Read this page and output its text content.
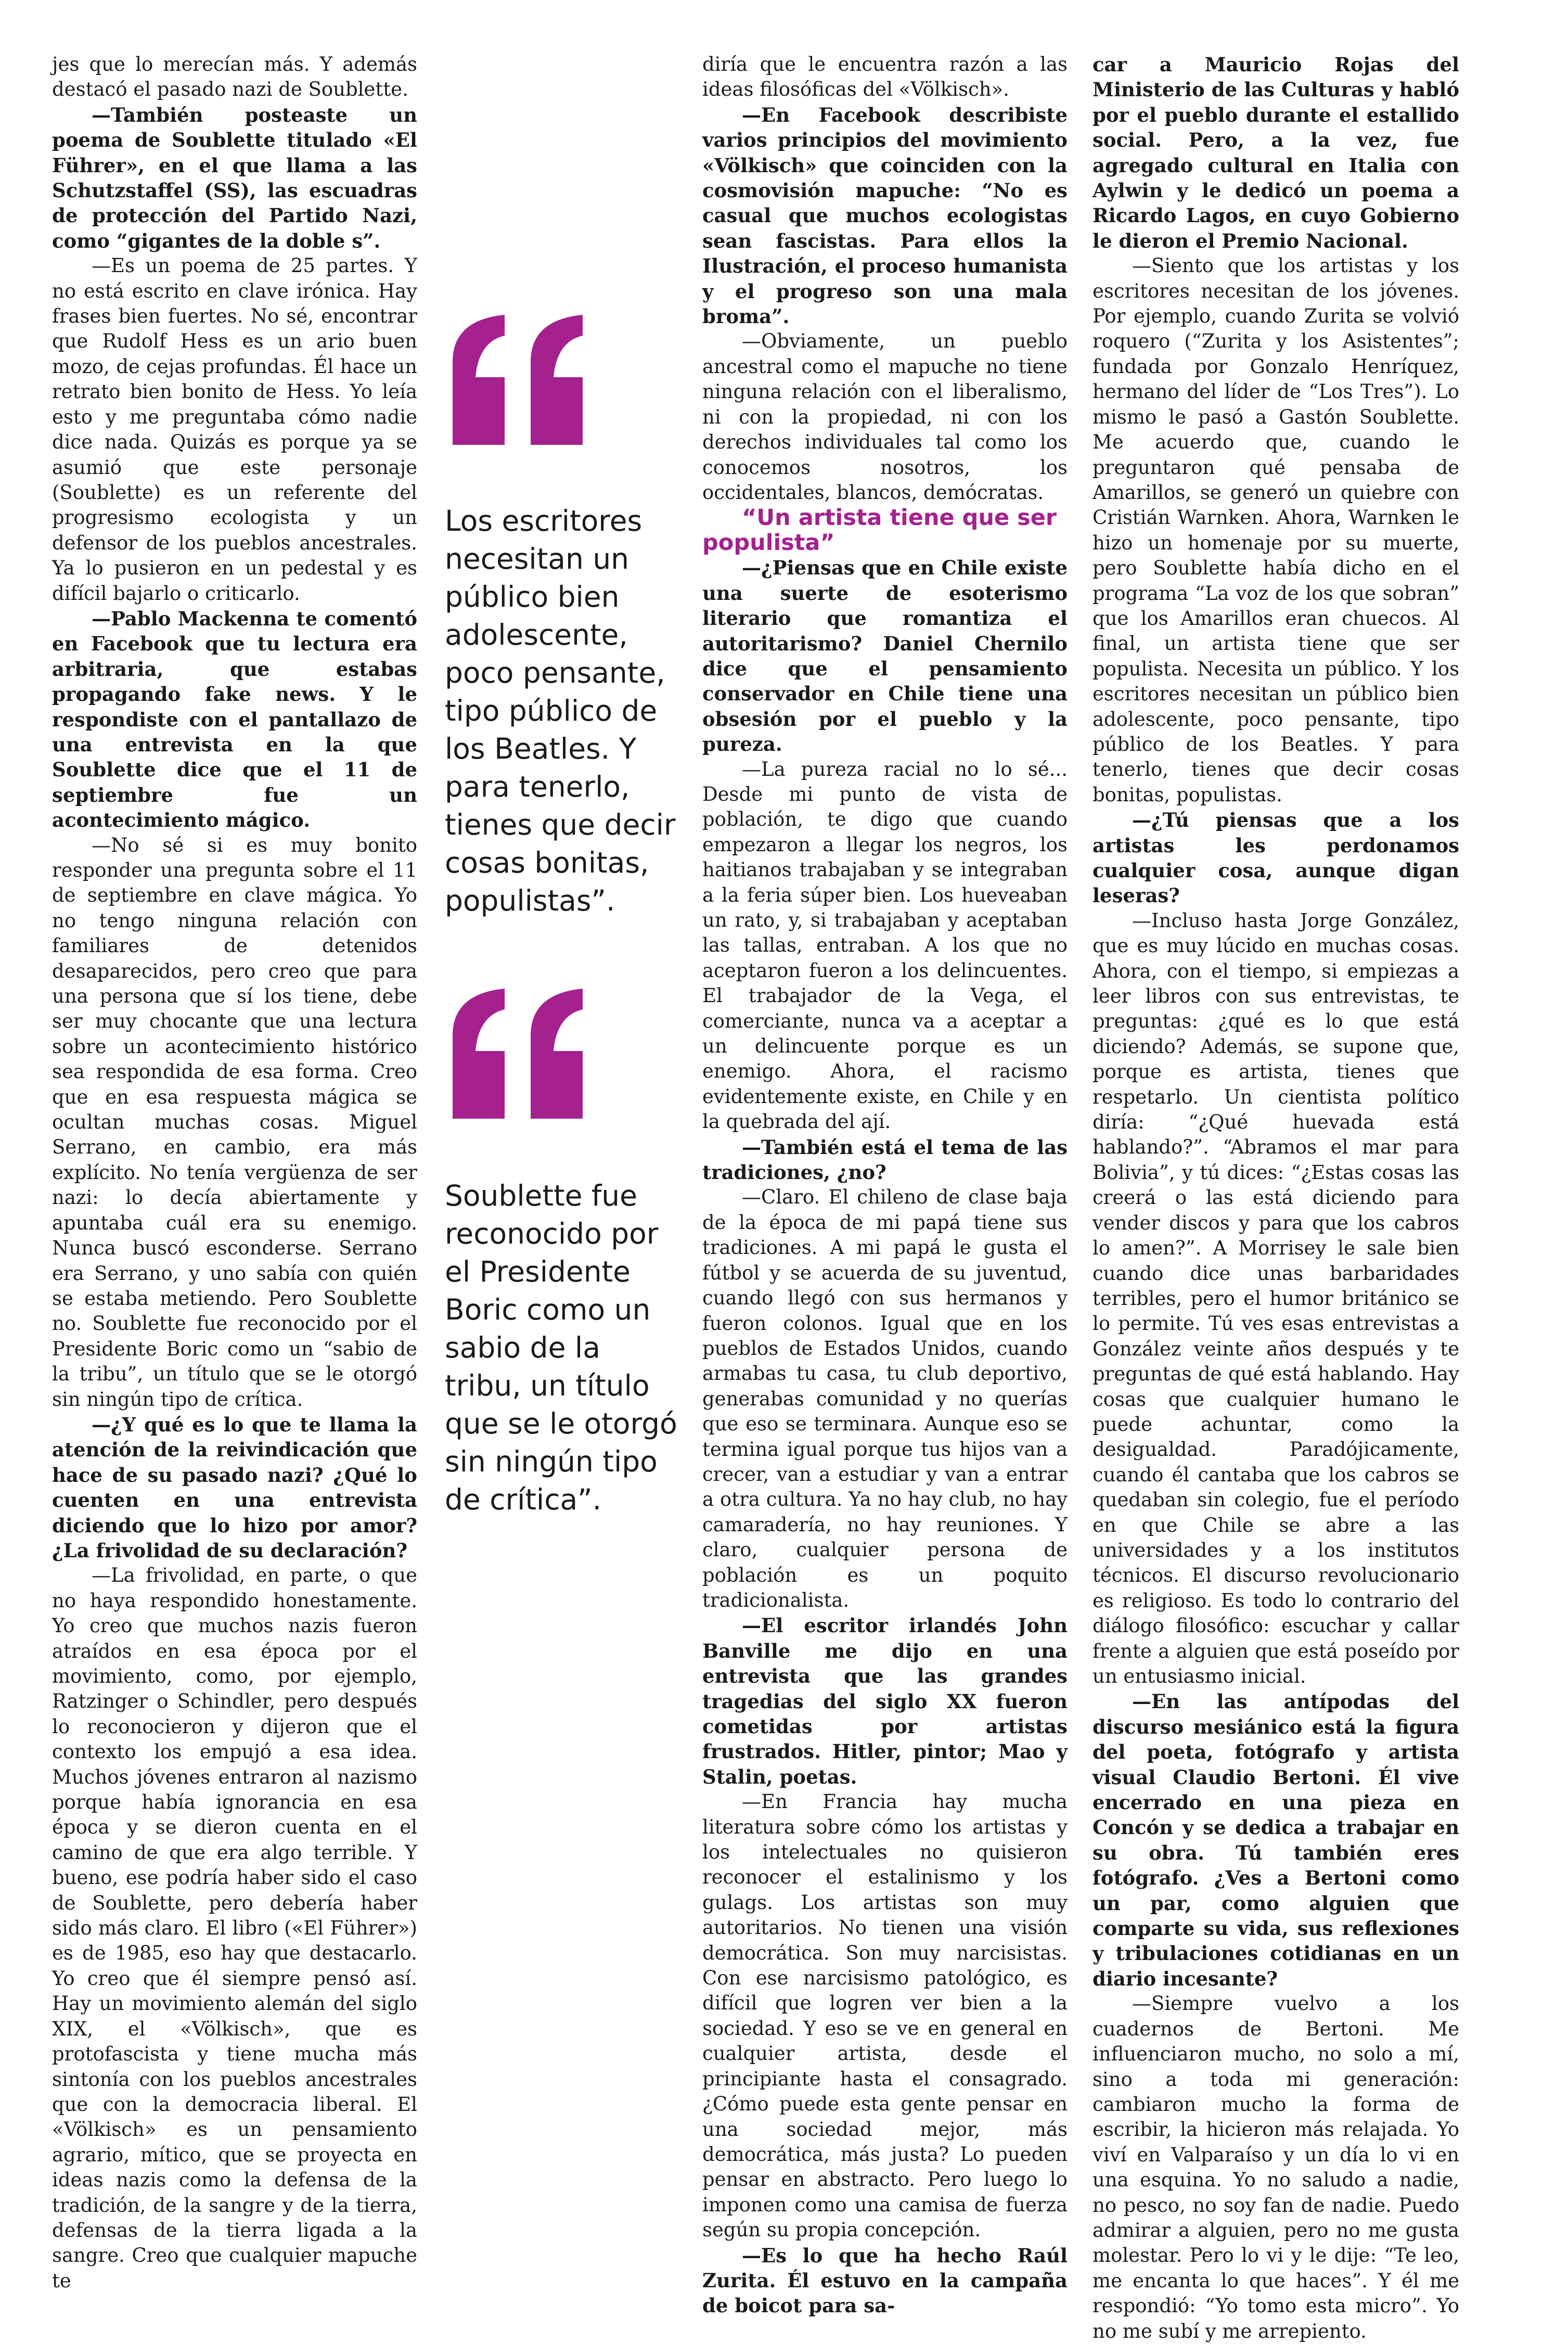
jes que lo merecían más. Y además destacó el pasado nazi de Soublette.

—También posteaste un poema de Soublette titulado «El Führer», en el que llama a las Schutzstaffel (SS), las escuadras de protección del Partido Nazi, como “gigantes de la doble s”.

—Es un poema de 25 partes. Y no está escrito en clave irónica. Hay frases bien fuertes. No sé, encontrar que Rudolf Hess es un ario buen mozo, de cejas profundas. Él hace un retrato bien bonito de Hess. Yo leía esto y me preguntaba cómo nadie dice nada. Quizás es porque ya se asumió que este personaje (Soublette) es un referente del progresismo ecologista y un defensor de los pueblos ancestrales. Ya lo pusieron en un pedestal y es difícil bajarlo o criticarlo.

—Pablo Mackenna te comentó en Facebook que tu lectura era arbitraria, que estabas propagando fake news. Y le respondiste con el pantallazo de una entrevista en la que Soublette dice que el 11 de septiembre fue un acontecimiento mágico.

—No sé si es muy bonito responder una pregunta sobre el 11 de septiembre en clave mágica. Yo no tengo ninguna relación con familiares de detenidos desaparecidos, pero creo que para una persona que sí los tiene, debe ser muy chocante que una lectura sobre un acontecimiento histórico sea respondida de esa forma. Creo que en esa respuesta mágica se ocultan muchas cosas. Miguel Serrano, en cambio, era más explícito. No tenía vergüenza de ser nazi: lo decía abiertamente y apuntaba cuál era su enemigo. Nunca buscó esconderse. Serrano era Serrano, y uno sabía con quién se estaba metiendo. Pero Soublette no. Soublette fue reconocido por el Presidente Boric como un “sabio de la tribu”, un título que se le otorgó sin ningún tipo de crítica.

—¿Y qué es lo que te llama la atención de la reivindicación que hace de su pasado nazi? ¿Qué lo cuenten en una entrevista diciendo que lo hizo por amor? ¿La frivolidad de su declaración?

—La frivolidad, en parte, o que no haya respondido honestamente. Yo creo que muchos nazis fueron atraídos en esa época por el movimiento, como, por ejemplo, Ratzinger o Schindler, pero después lo reconocieron y dijeron que el contexto los empujó a esa idea. Muchos jóvenes entraron al nazismo porque había ignorancia en esa época y se dieron cuenta en el camino de que era algo terrible. Y bueno, ese podría haber sido el caso de Soublette, pero debería haber sido más claro. El libro («El Führer») es de 1985, eso hay que destacarlo. Yo creo que él siempre pensó así. Hay un movimiento alemán del siglo XIX, el «Völkisch», que es protofascista y tiene mucha más sintonía con los pueblos ancestrales que con la democracia liberal. El «Völkisch» es un pensamiento agrario, mítico, que se proyecta en ideas nazis como la defensa de la tradición, de la sangre y de la tierra, defensas de la tierra ligada a la sangre. Creo que cualquier mapuche te

Los escritores necesitan un público bien adolescente, poco pensante, tipo público de los Beatles. Y para tenerlo, tienes que decir cosas bonitas, populistas”.
Soublette fue reconocido por el Presidente Boric como un sabio de la tribu, un título que se le otorgó sin ningún tipo de crítica”.

diría que le encuentra razón a las ideas filosóficas del «Völkisch».

—En Facebook describiste varios principios del movimiento «Völkisch» que coinciden con la cosmovisión mapuche: “No es casual que muchos ecologistas sean fascistas. Para ellos la Ilustración, el proceso humanista y el progreso son una mala broma”.

—Obviamente, un pueblo ancestral como el mapuche no tiene ninguna relación con el liberalismo, ni con la propiedad, ni con los derechos individuales tal como los conocemos nosotros, los occidentales, blancos, demócratas.

“Un artista tiene que ser populista”

—¿Piensas que en Chile existe una suerte de esoterismo literario que romantiza el autoritarismo? Daniel Chernilo dice que el pensamiento conservador en Chile tiene una obsesión por el pueblo y la pureza.

—La pureza racial no lo sé... Desde mi punto de vista de población, te digo que cuando empezaron a llegar los negros, los haitianos trabajaban y se integraban a la feria súper bien. Los hueveaban un rato, y, si trabajaban y aceptaban las tallas, entraban. A los que no aceptaron fueron a los delincuentes. El trabajador de la Vega, el comerciante, nunca va a aceptar a un delincuente porque es un enemigo. Ahora, el racismo evidentemente existe, en Chile y en la quebrada del ají.

—También está el tema de las tradiciones, ¿no?

—Claro. El chileno de clase baja de la época de mi papá tiene sus tradiciones. A mi papá le gusta el fútbol y se acuerda de su juventud, cuando llegó con sus hermanos y fueron colonos. Igual que en los pueblos de Estados Unidos, cuando armabas tu casa, tu club deportivo, generabas comunidad y no querías que eso se terminara. Aunque eso se termina igual porque tus hijos van a crecer, van a estudiar y van a entrar a otra cultura. Ya no hay club, no hay camaradería, no hay reuniones. Y claro, cualquier persona de población es un poquito tradicionalista.

—El escritor irlandés John Banville me dijo en una entrevista que las grandes tragedias del siglo XX fueron cometidas por artistas frustrados. Hitler, pintor; Mao y Stalin, poetas.

—En Francia hay mucha literatura sobre cómo los artistas y los intelectuales no quisieron reconocer el estalinismo y los gulags. Los artistas son muy autoritarios. No tienen una visión democrática. Son muy narcisistas. Con ese narcisismo patológico, es difícil que logren ver bien a la sociedad. Y eso se ve en general en cualquier artista, desde el principiante hasta el consagrado. ¿Cómo puede esta gente pensar en una sociedad mejor, más democrática, más justa? Lo pueden pensar en abstracto. Pero luego lo imponen como una camisa de fuerza según su propia concepción.

—Es lo que ha hecho Raúl Zurita. Él estuvo en la campaña de boicot para sa-

car a Mauricio Rojas del Ministerio de las Culturas y habló por el pueblo durante el estallido social. Pero, a la vez, fue agregado cultural en Italia con Aylwin y le dedicó un poema a Ricardo Lagos, en cuyo Gobierno le dieron el Premio Nacional.

—Siento que los artistas y los escritores necesitan de los jóvenes. Por ejemplo, cuando Zurita se volvió roquero (“Zurita y los Asistentes”; fundada por Gonzalo Henríquez, hermano del líder de “Los Tres”). Lo mismo le pasó a Gastón Soublette. Me acuerdo que, cuando le preguntaron qué pensaba de Amarillos, se generó un quiebre con Cristián Warnken. Ahora, Warnken le hizo un homenaje por su muerte, pero Soublette había dicho en el programa “La voz de los que sobran” que los Amarillos eran chuecos. Al final, un artista tiene que ser populista. Necesita un público. Y los escritores necesitan un público bien adolescente, poco pensante, tipo público de los Beatles. Y para tenerlo, tienes que decir cosas bonitas, populistas.

—¿Tú piensas que a los artistas les perdonamos cualquier cosa, aunque digan leseras?

—Incluso hasta Jorge González, que es muy lúcido en muchas cosas. Ahora, con el tiempo, si empiezas a leer libros con sus entrevistas, te preguntas: ¿qué es lo que está diciendo? Además, se supone que, porque es artista, tienes que respetarlo. Un cientista político diría: “¿Qué huevada está hablando?”. “Abramos el mar para Bolivia”, y tú dices: “¿Estas cosas las creerá o las está diciendo para vender discos y para que los cabros lo amen?”. A Morrisey le sale bien cuando dice unas barbaridades terribles, pero el humor británico se lo permite. Tú ves esas entrevistas a González veinte años después y te preguntas de qué está hablando. Hay cosas que cualquier humano le puede achuntar, como la desigualdad. Paradójicamente, cuando él cantaba que los cabros se quedaban sin colegio, fue el período en que Chile se abre a las universidades y a los institutos técnicos. El discurso revolucionario es religioso. Es todo lo contrario del diálogo filosófico: escuchar y callar frente a alguien que está poseído por un entusiasmo inicial.

—En las antípodas del discurso mesiánico está la figura del poeta, fotógrafo y artista visual Claudio Bertoni. Él vive encerrado en una pieza en Concón y se dedica a trabajar en su obra. Tú también eres fotógrafo. ¿Ves a Bertoni como un par, como alguien que comparte su vida, sus reflexiones y tribulaciones cotidianas en un diario incesante?

—Siempre vuelvo a los cuadernos de Bertoni. Me influenciaron mucho, no solo a mí, sino a toda mi generación: cambiaron mucho la forma de escribir, la hicieron más relajada. Yo viví en Valparaíso y un día lo vi en una esquina. Yo no saludo a nadie, no pesco, no soy fan de nadie. Puedo admirar a alguien, pero no me gusta molestar. Pero lo vi y le dije: “Te leo, me encanta lo que haces”. Y él me respondió: “Yo tomo esta micro”. Yo no me subí y me arrepiento.
